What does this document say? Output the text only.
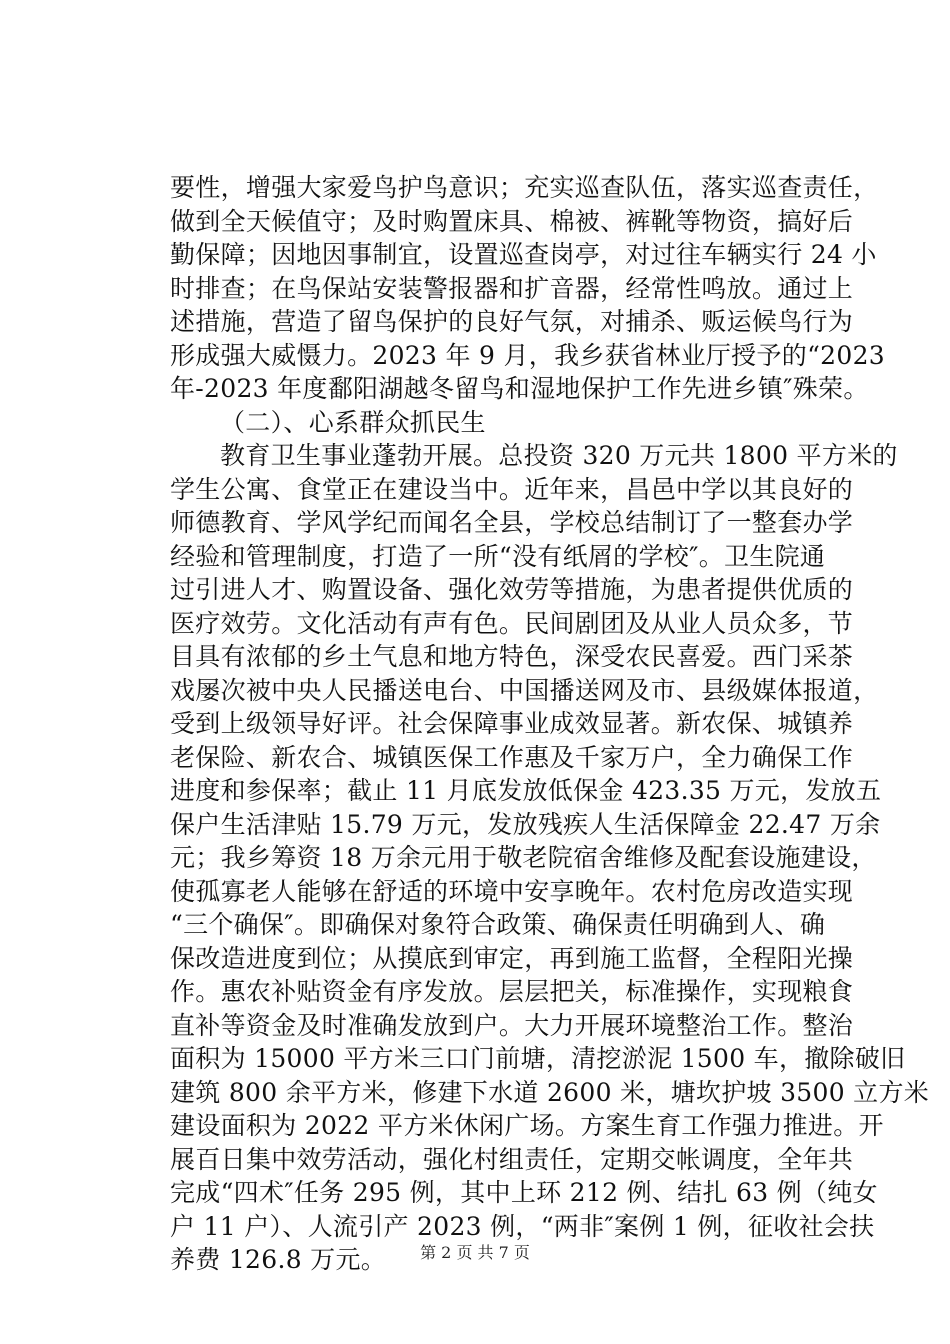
要性，增强大家爱鸟护鸟意识；充实巡查队伍，落实巡查责任，
做到全天候值守；及时购置床具、棉被、裤靴等物资，搞好后
勤保障；因地因事制宜，设置巡查岗亭，对过往车辆实行 24 小
时排查；在鸟保站安装警报器和扩音器，经常性鸣放。通过上
述措施，营造了留鸟保护的良好气氛，对捕杀、贩运候鸟行为
形成强大威慑力。2023 年 9 月，我乡获省林业厅授予的“2023
年-2023 年度鄱阳湖越冬留鸟和湿地保护工作先进乡镇″殊荣。
（二）、心系群众抓民生
教育卫生事业蓬勃开展。总投资 320 万元共 1800 平方米的
学生公寓、食堂正在建设当中。近年来，昌邑中学以其良好的
师德教育、学风学纪而闻名全县，学校总结制订了一整套办学
经验和管理制度，打造了一所“没有纸屑的学校″。卫生院通
过引进人才、购置设备、强化效劳等措施，为患者提供优质的
医疗效劳。文化活动有声有色。民间剧团及从业人员众多，节
目具有浓郁的乡土气息和地方特色，深受农民喜爱。西门采茶
戏屡次被中央人民播送电台、中国播送网及市、县级媒体报道，
受到上级领导好评。社会保障事业成效显著。新农保、城镇养
老保险、新农合、城镇医保工作惠及千家万户，全力确保工作
进度和参保率；截止 11 月底发放低保金 423.35 万元，发放五
保户生活津贴 15.79 万元，发放残疾人生活保障金 22.47 万余
元；我乡筹资 18 万余元用于敬老院宿舍维修及配套设施建设，
使孤寡老人能够在舒适的环境中安享晚年。农村危房改造实现
“三个确保″。即确保对象符合政策、确保责任明确到人、确
保改造进度到位；从摸底到审定，再到施工监督，全程阳光操
作。惠农补贴资金有序发放。层层把关，标准操作，实现粮食
直补等资金及时准确发放到户。大力开展环境整治工作。整治
面积为 15000 平方米三口门前塘，清挖淤泥 1500 车，撤除破旧
建筑 800 余平方米，修建下水道 2600 米，塘坎护坡 3500 立方米
建设面积为 2022 平方米休闲广场。方案生育工作强力推进。开
展百日集中效劳活动，强化村组责任，定期交帐调度，全年共
完成“四术″任务 295 例，其中上环 212 例、结扎 63 例（纯女
户 11 户）、人流引产 2023 例，“两非″案例 1 例，征收社会扶
养费 126.8 万元。	第 2 页 共 7 页
